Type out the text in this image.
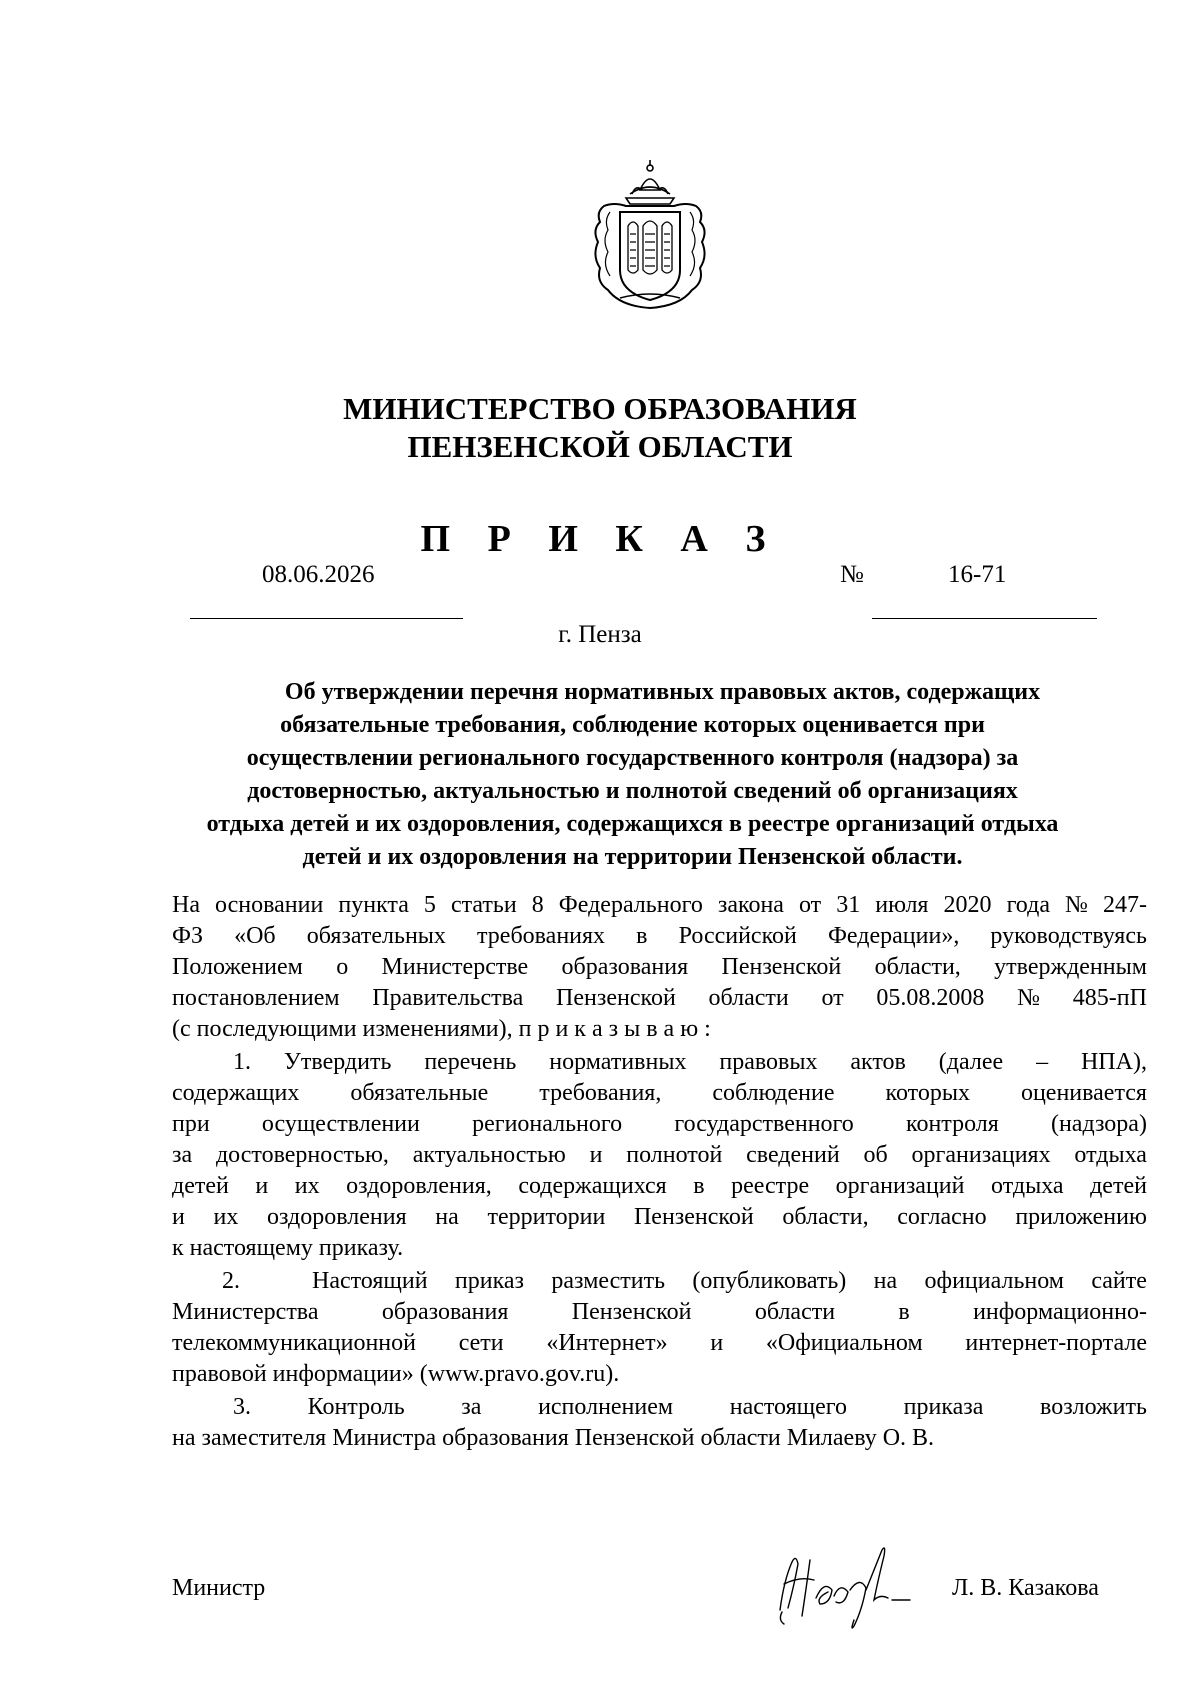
МИНИСТЕРСТВО ОБРАЗОВАНИЯ
ПЕНЗЕНСКОЙ ОБЛАСТИ
П Р И К А З
08.06.2026	№	16-71
г. Пенза
Об утверждении перечня нормативных правовых актов, содержащих
обязательные требования, соблюдение которых оценивается при
осуществлении регионального государственного контроля (надзора) за
достоверностью, актуальностью и полнотой сведений об организациях
отдыха детей и их оздоровления, содержащихся в реестре организаций отдыха
детей и их оздоровления на территории Пензенской области.
На основании пункта 5 статьи 8 Федерального закона от 31 июля 2020 года № 247-
ФЗ «Об обязательных требованиях в Российской Федерации», руководствуясь
Положением о Министерстве образования Пензенской области, утвержденным
постановлением Правительства Пензенской области от 05.08.2008 № 485-пП
(с последующими изменениями), п р и к а з ы в а ю :
1. Утвердить перечень нормативных правовых актов (далее – НПА),
содержащих обязательные требования, соблюдение которых оценивается
при осуществлении регионального государственного контроля (надзора)
за достоверностью, актуальностью и полнотой сведений об организациях отдыха
детей и их оздоровления, содержащихся в реестре организаций отдыха детей
и их оздоровления на территории Пензенской области, согласно приложению
к настоящему приказу.
2.	Настоящий приказ разместить (опубликовать) на официальном сайте
Министерства	образования	Пензенской	области	в	информационно-
телекоммуникационной сети «Интернет» и «Официальном интернет-портале
правовой информации» (www.pravo.gov.ru).
3. Контроль за исполнением настоящего приказа возложить
на заместителя Министра образования Пензенской области Милаеву О. В.
Министр	Л. В. Казакова
